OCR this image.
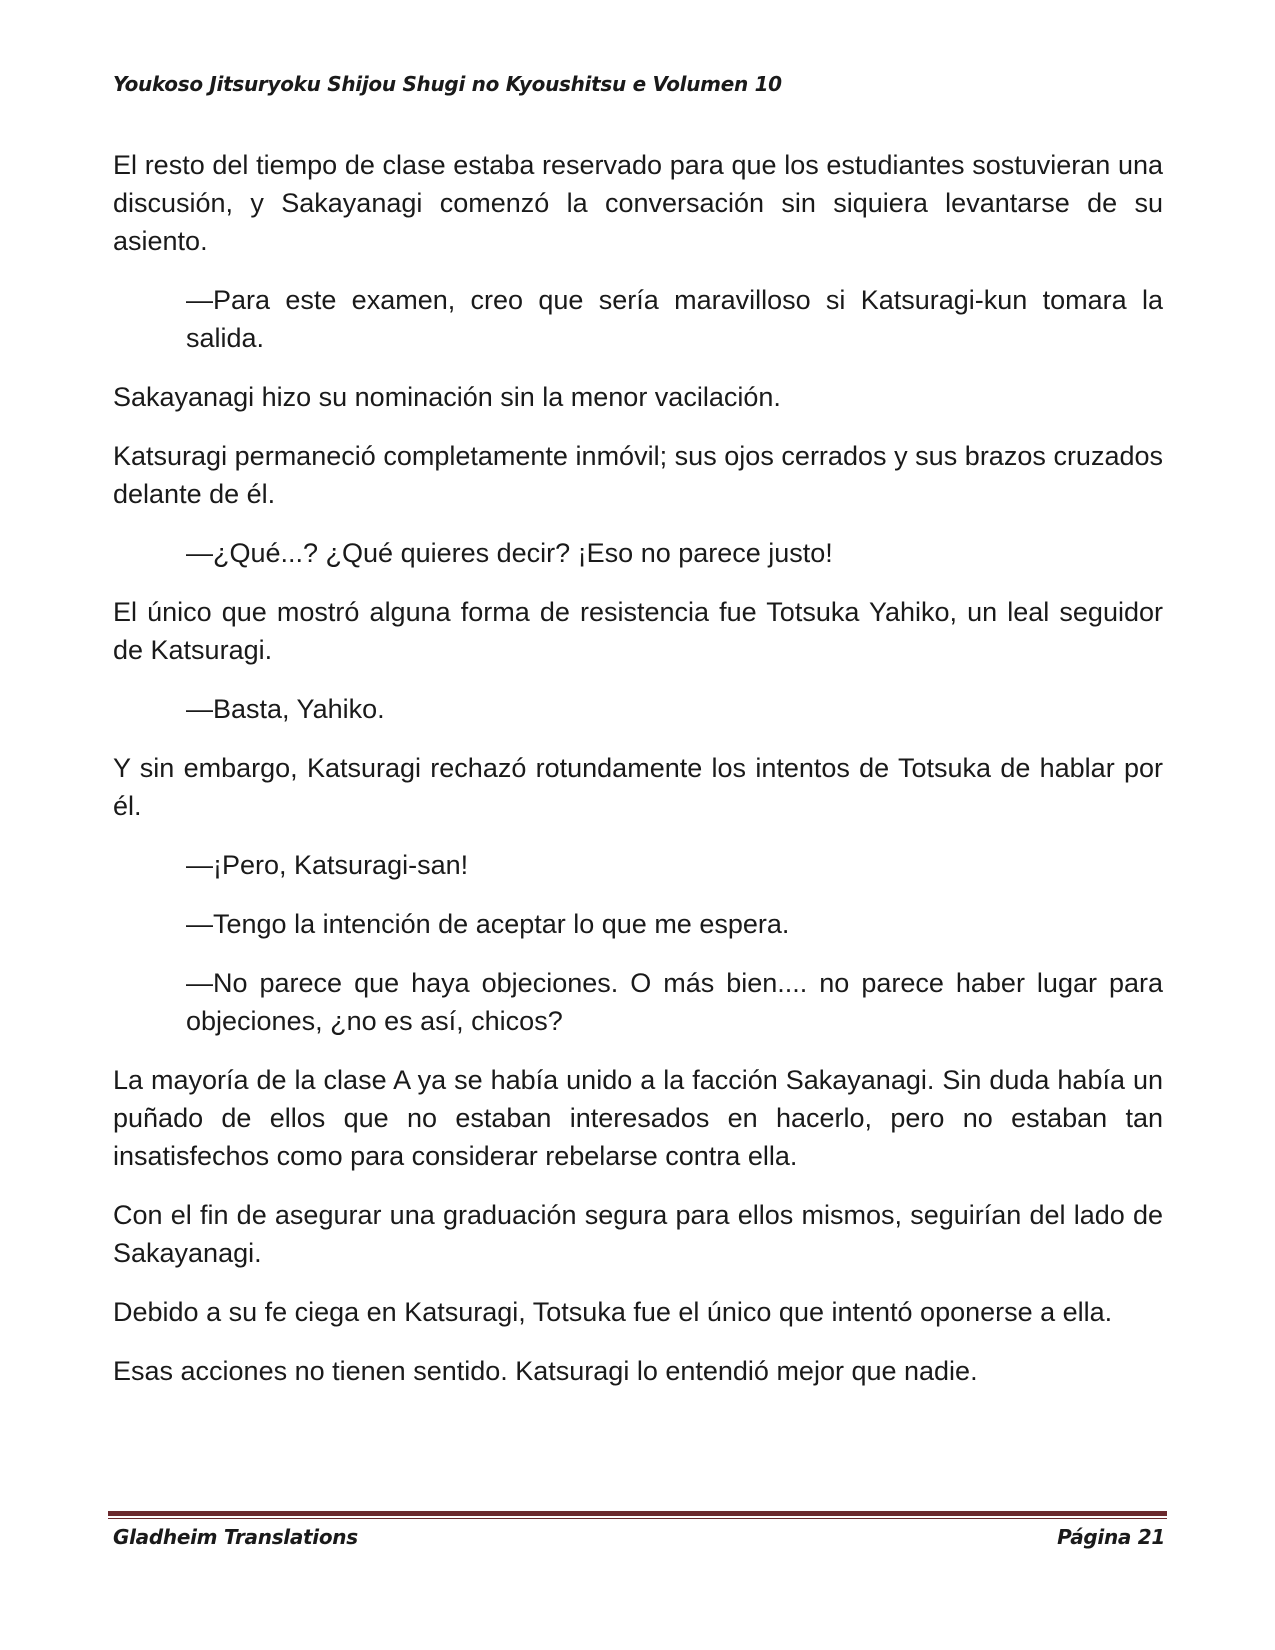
Youkoso Jitsuryoku Shijou Shugi no Kyoushitsu e Volumen 10

El resto del tiempo de clase estaba reservado para que los estudiantes sostuvieran una discusión, y Sakayanagi comenzó la conversación sin siquiera levantarse de su asiento.

—Para este examen, creo que sería maravilloso si Katsuragi-kun tomara la salida.

Sakayanagi hizo su nominación sin la menor vacilación.

Katsuragi permaneció completamente inmóvil; sus ojos cerrados y sus brazos cruzados delante de él.

—¿Qué...? ¿Qué quieres decir? ¡Eso no parece justo!

El único que mostró alguna forma de resistencia fue Totsuka Yahiko, un leal seguidor de Katsuragi.

—Basta, Yahiko.

Y sin embargo, Katsuragi rechazó rotundamente los intentos de Totsuka de hablar por él.

—¡Pero, Katsuragi-san!

—Tengo la intención de aceptar lo que me espera.

—No parece que haya objeciones. O más bien.... no parece haber lugar para objeciones, ¿no es así, chicos?

La mayoría de la clase A ya se había unido a la facción Sakayanagi. Sin duda había un puñado de ellos que no estaban interesados en hacerlo, pero no estaban tan insatisfechos como para considerar rebelarse contra ella.

Con el fin de asegurar una graduación segura para ellos mismos, seguirían del lado de Sakayanagi.

Debido a su fe ciega en Katsuragi, Totsuka fue el único que intentó oponerse a ella.

Esas acciones no tienen sentido. Katsuragi lo entendió mejor que nadie.

Gladheim Translations	Página 21
